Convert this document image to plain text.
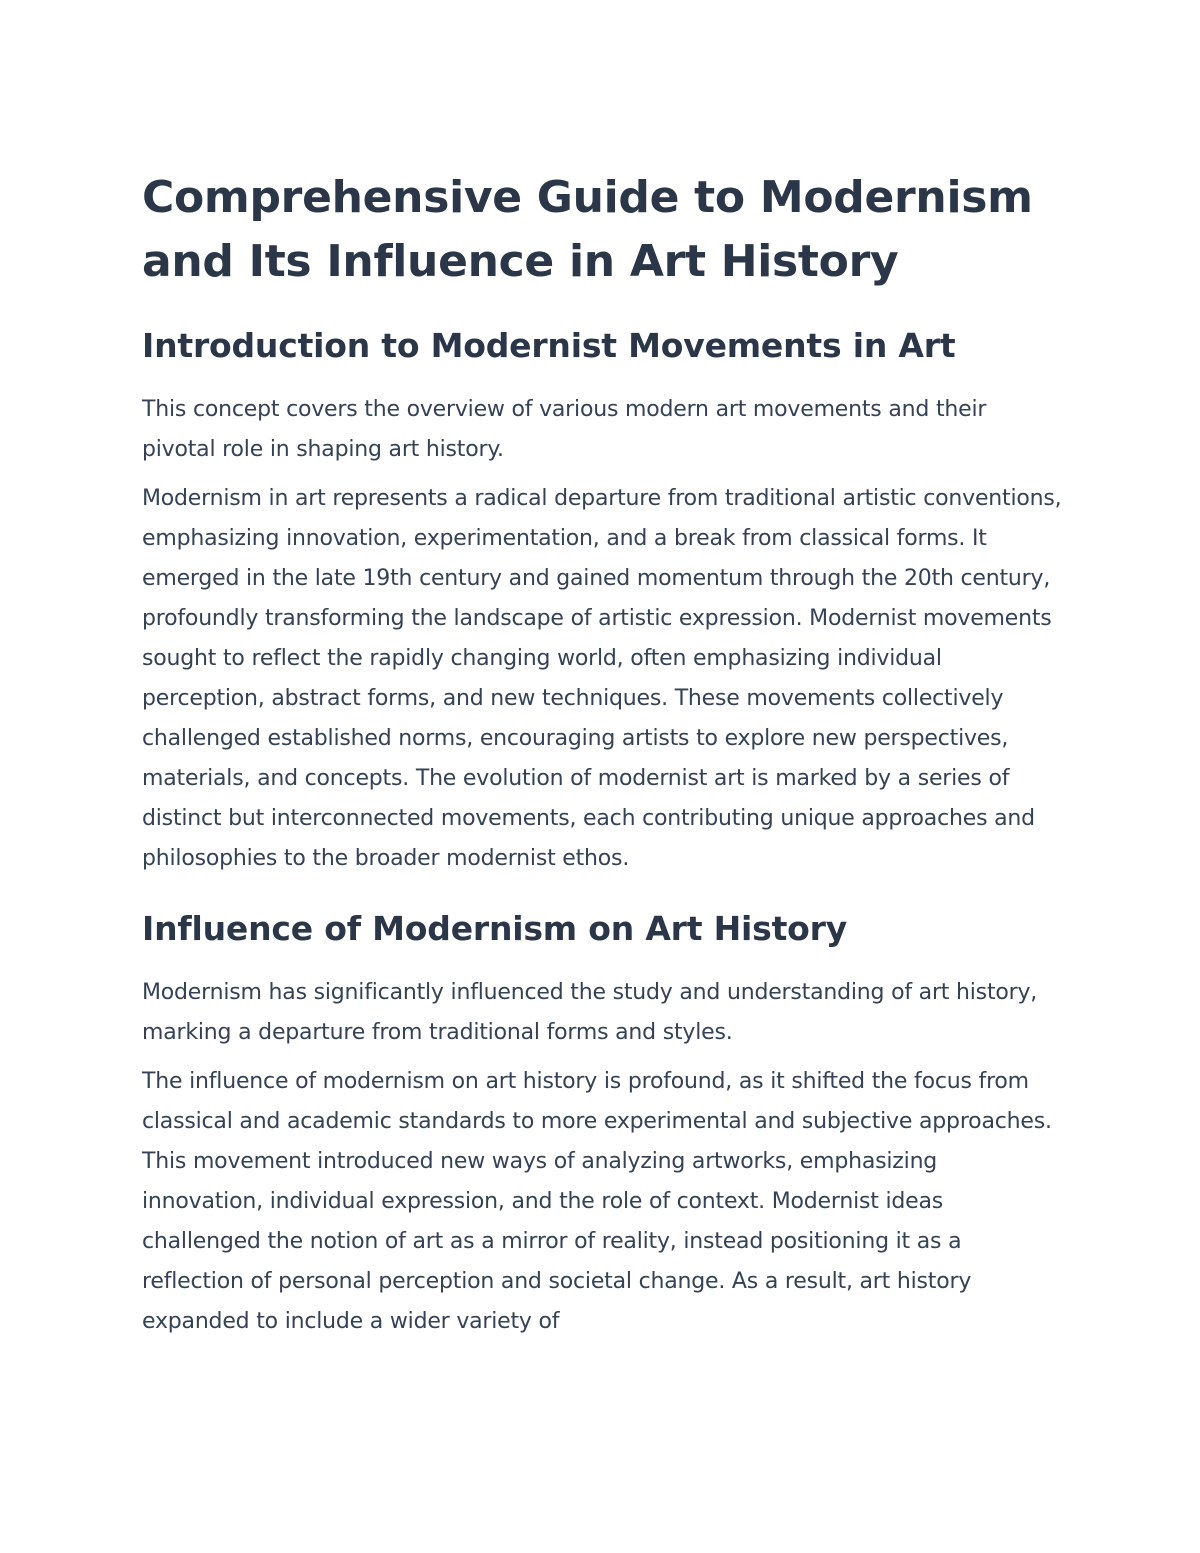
Comprehensive Guide to Modernism and Its Influence in Art History
Introduction to Modernist Movements in Art

This concept covers the overview of various modern art movements and their pivotal role in shaping art history.

Modernism in art represents a radical departure from traditional artistic conventions, emphasizing innovation, experimentation, and a break from classical forms. It emerged in the late 19th century and gained momentum through the 20th century, profoundly transforming the landscape of artistic expression. Modernist movements sought to reflect the rapidly changing world, often emphasizing individual perception, abstract forms, and new techniques. These movements collectively challenged established norms, encouraging artists to explore new perspectives, materials, and concepts. The evolution of modernist art is marked by a series of distinct but interconnected movements, each contributing unique approaches and philosophies to the broader modernist ethos.

Influence of Modernism on Art History

Modernism has significantly influenced the study and understanding of art history, marking a departure from traditional forms and styles.

The influence of modernism on art history is profound, as it shifted the focus from classical and academic standards to more experimental and subjective approaches. This movement introduced new ways of analyzing artworks, emphasizing innovation, individual expression, and the role of context. Modernist ideas challenged the notion of art as a mirror of reality, instead positioning it as a reflection of personal perception and societal change. As a result, art history expanded to include a wider variety of
